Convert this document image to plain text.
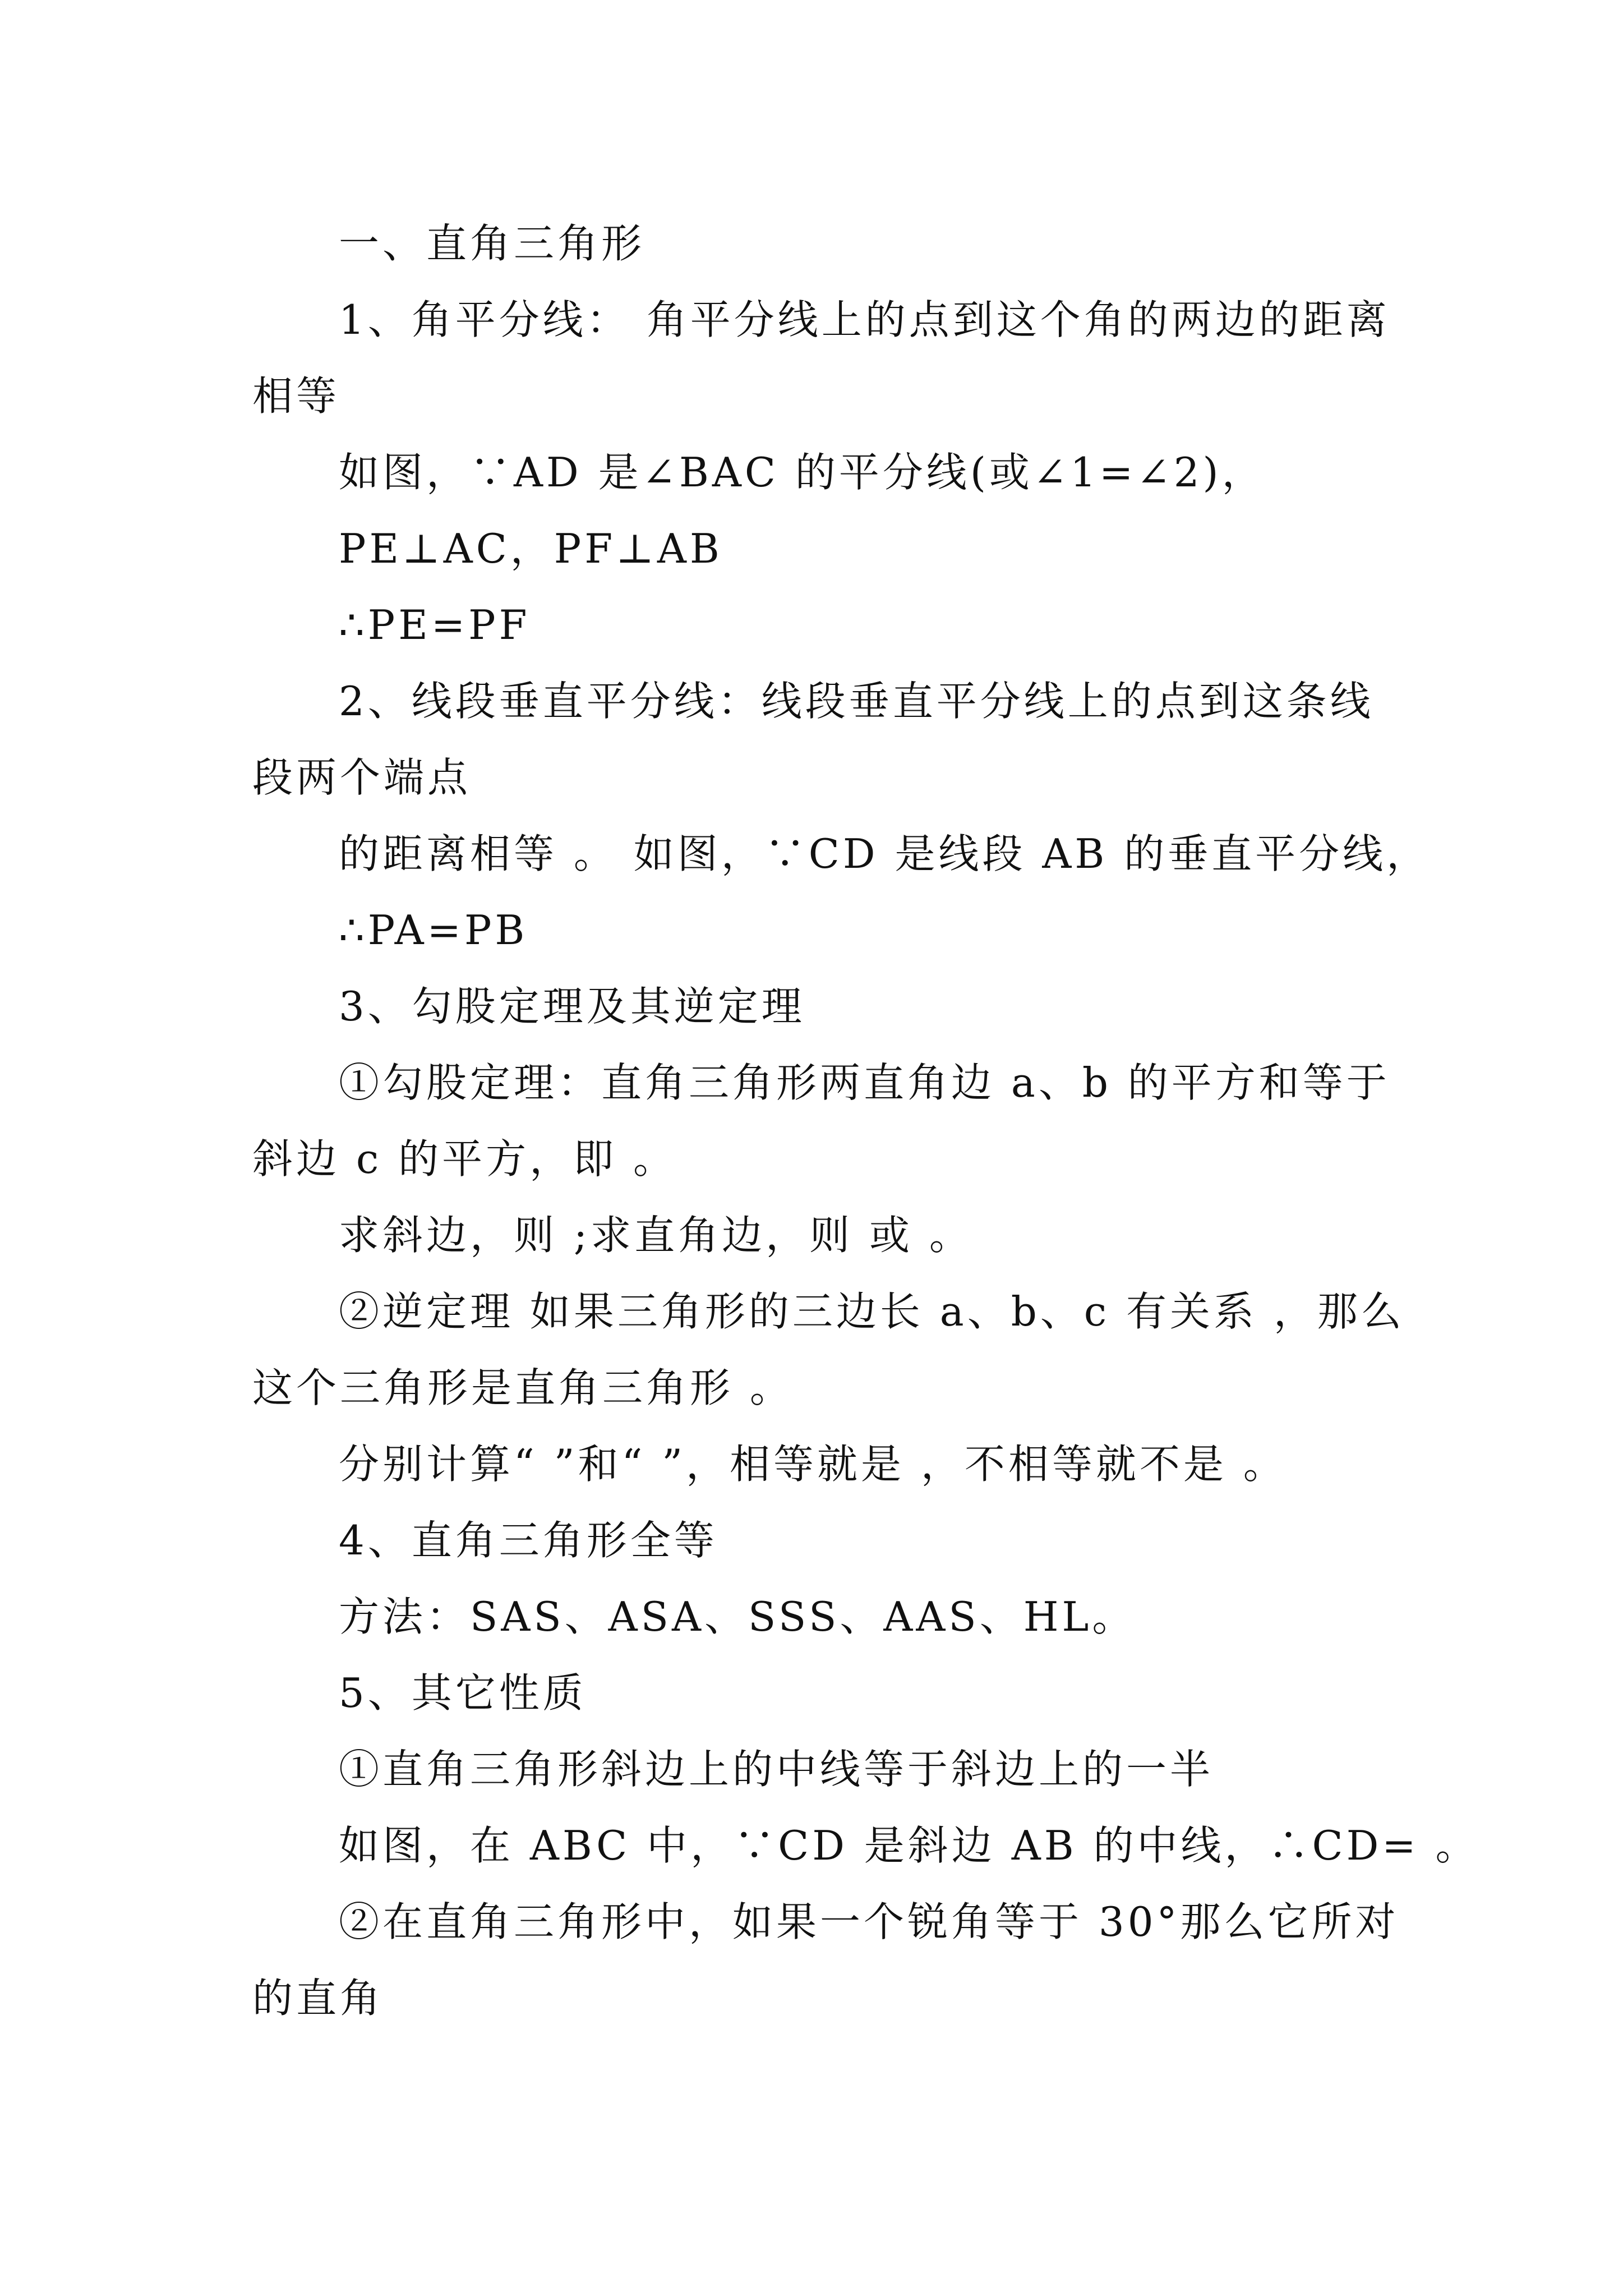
一、直角三角形

1、角平分线： 角平分线上的点到这个角的两边的距离

相等

如图，∵AD 是∠BAC 的平分线(或∠1=∠2)，

PE⊥AC，PF⊥AB

∴PE=PF

2、线段垂直平分线：线段垂直平分线上的点到这条线

段两个端点

的距离相等 。 如图，∵CD 是线段 AB 的垂直平分线，

∴PA=PB

3、勾股定理及其逆定理

①勾股定理：直角三角形两直角边 a、b 的平方和等于

斜边 c 的平方，即 。

求斜边，则 ;求直角边，则 或 。

②逆定理 如果三角形的三边长 a、b、c 有关系 ，那么

这个三角形是直角三角形 。

分别计算“ ”和“ ”，相等就是 ，不相等就不是 。

4、直角三角形全等

方法：SAS、ASA、SSS、AAS、HL。

5、其它性质

①直角三角形斜边上的中线等于斜边上的一半

如图，在 ABC 中，∵CD 是斜边 AB 的中线，∴CD= 。

②在直角三角形中，如果一个锐角等于 30°那么它所对

的直角
